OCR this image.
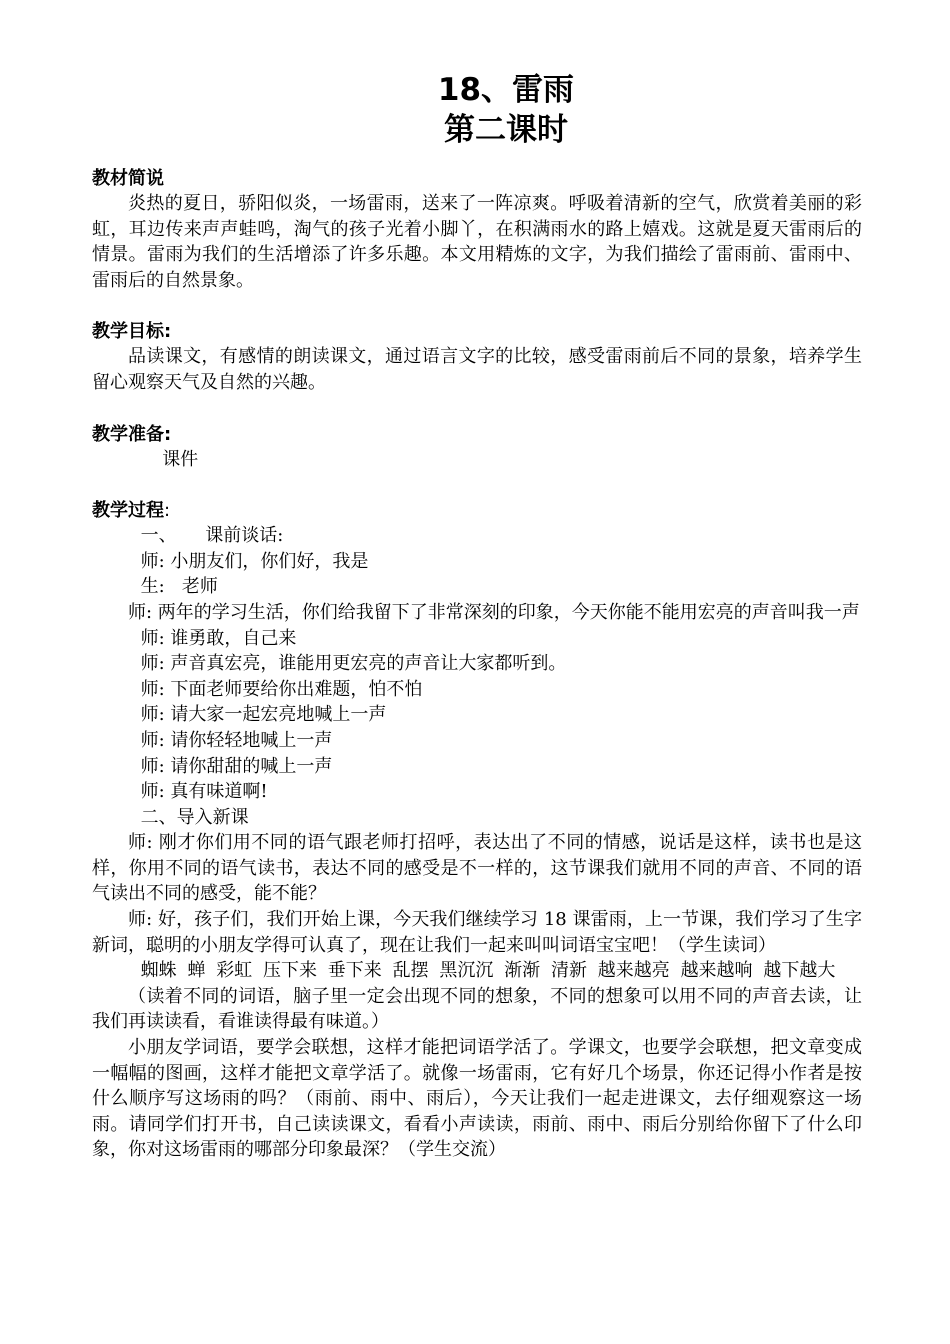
18、雷雨
第二课时
教材简说

炎热的夏日，骄阳似炎，一场雷雨，送来了一阵凉爽。呼吸着清新的空气，欣赏着美丽的彩虹，耳边传来声声蛙鸣，淘气的孩子光着小脚丫，在积满雨水的路上嬉戏。这就是夏天雷雨后的情景。雷雨为我们的生活增添了许多乐趣。本文用精炼的文字，为我们描绘了雷雨前、雷雨中、雷雨后的自然景象。

教学目标:

品读课文，有感情的朗读课文，通过语言文字的比较，感受雷雨前后不同的景象，培养学生留心观察天气及自然的兴趣。

教学准备:

课件

教学过程:

一、     课前谈话:

师: 小朋友们，你们好，我是

生:   老师

师: 两年的学习生活，你们给我留下了非常深刻的印象，今天你能不能用宏亮的声音叫我一声

师: 谁勇敢，自己来

师: 声音真宏亮，谁能用更宏亮的声音让大家都听到。

师: 下面老师要给你出难题，怕不怕

师: 请大家一起宏亮地喊上一声

师: 请你轻轻地喊上一声

师: 请你甜甜的喊上一声

师: 真有味道啊!

二、导入新课

师: 刚才你们用不同的语气跟老师打招呼，表达出了不同的情感，说话是这样，读书也是这样，你用不同的语气读书，表达不同的感受是不一样的，这节课我们就用不同的声音、不同的语气读出不同的感受，能不能？

师: 好，孩子们，我们开始上课，今天我们继续学习 18 课雷雨，上一节课，我们学习了生字新词，聪明的小朋友学得可认真了，现在让我们一起来叫叫词语宝宝吧！（学生读词）

蜘蛛 蝉 彩虹 压下来 垂下来 乱摆 黑沉沉 渐渐 清新 越来越亮 越来越响 越下越大

（读着不同的词语，脑子里一定会出现不同的想象，不同的想象可以用不同的声音去读，让我们再读读看，看谁读得最有味道。）

小朋友学词语，要学会联想，这样才能把词语学活了。学课文，也要学会联想，把文章变成一幅幅的图画，这样才能把文章学活了。就像一场雷雨，它有好几个场景，你还记得小作者是按什么顺序写这场雨的吗？（雨前、雨中、雨后），今天让我们一起走进课文，去仔细观察这一场雨。请同学们打开书，自己读读课文，看看小声读读，雨前、雨中、雨后分别给你留下了什么印象，你对这场雷雨的哪部分印象最深？（学生交流）
